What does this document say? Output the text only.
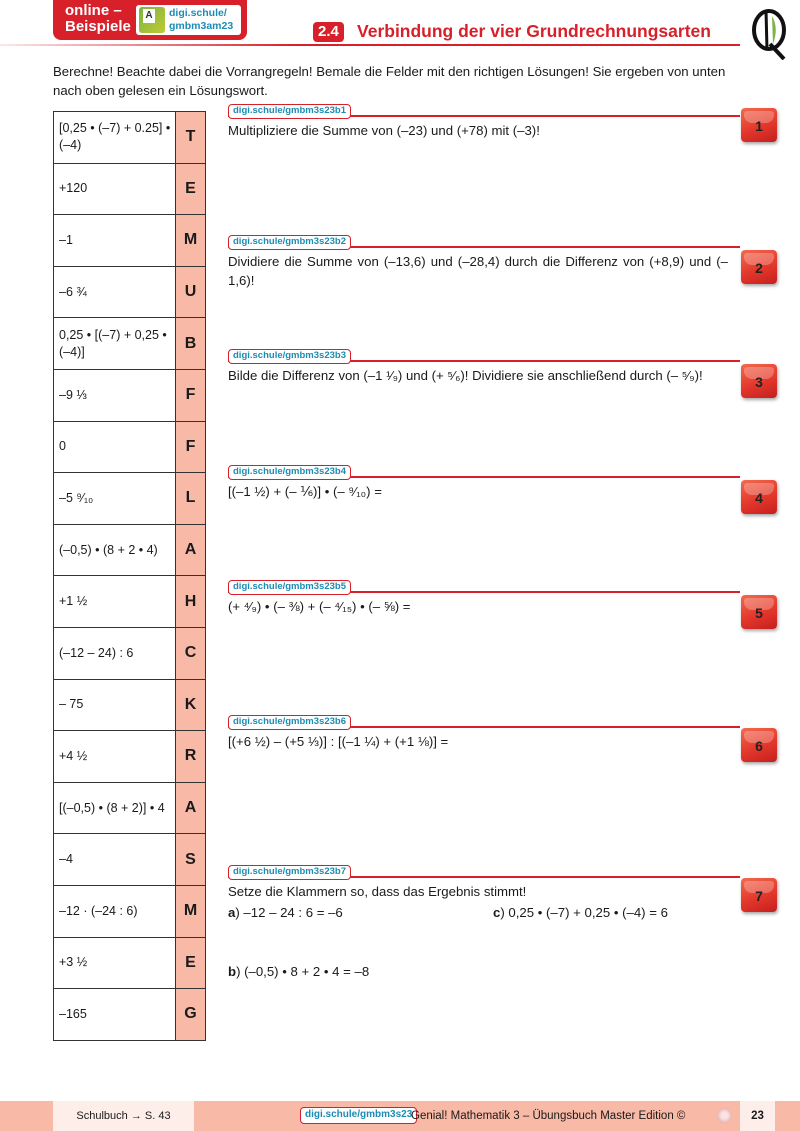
online –
Beispiele
A
digi.schule/
gmbm3am23	2.4 Verbindung der vier Grundrechnungsarten
Berechne! Beachte dabei die Vorrangregeln! Bemale die Felder mit den richtigen Lösungen! Sie ergeben von unten nach oben gelesen ein Lösungswort.
[0,25 • (–7) + 0.25] • (–4)	T
+120	E
–1	M
–6 ¾	U
0,25 • [(–7) + 0,25 • (–4)]	B
–9 ⅓	F
0	F
–5 ⁹⁄₁₀	L
(–0,5) • (8 + 2 • 4)	A
+1 ½	H
(–12 – 24) : 6	C
– 75	K
+4 ½	R
[(–0,5) • (8 + 2)] • 4	A
–4	S
–12 · (–24 : 6)	M
+3 ½	E
–165	G
digi.schule/gmbm3s23b1
Multipliziere die Summe von (–23) und (+78) mit (–3)!	1
digi.schule/gmbm3s23b2
Dividiere die Summe von (–13,6) und (–28,4) durch die Differenz von (+8,9) und (–1,6)!
2
digi.schule/gmbm3s23b3
Bilde die Differenz von (–1 ¹⁄₉) und (+ ⁵⁄₆)! Dividiere sie anschließend durch (– ⁵⁄₉)!	3
digi.schule/gmbm3s23b4
[(–1 ½) + (– ⅙)] • (– ⁹⁄₁₀) =	4
digi.schule/gmbm3s23b5
(+ ⁴⁄₉) • (– ⅜) + (– ⁴⁄₁₅) • (– ⅝) =	5
digi.schule/gmbm3s23b6
[(+6 ½) – (+5 ⅓)] : [(–1 ¼) + (+1 ⅛)] =	6
digi.schule/gmbm3s23b7
Setze die Klammern so, dass das Ergebnis stimmt!	7
a) –12 – 24 : 6 = –6
b) (–0,5) • 8 + 2 • 4 = –8
c) 0,25 • (–7) + 0,25 • (–4) = 6
Schulbuch → S. 43	digi.schule/gmbm3s23
Genial! Mathematik 3 – Übungsbuch Master Edition ©	23
